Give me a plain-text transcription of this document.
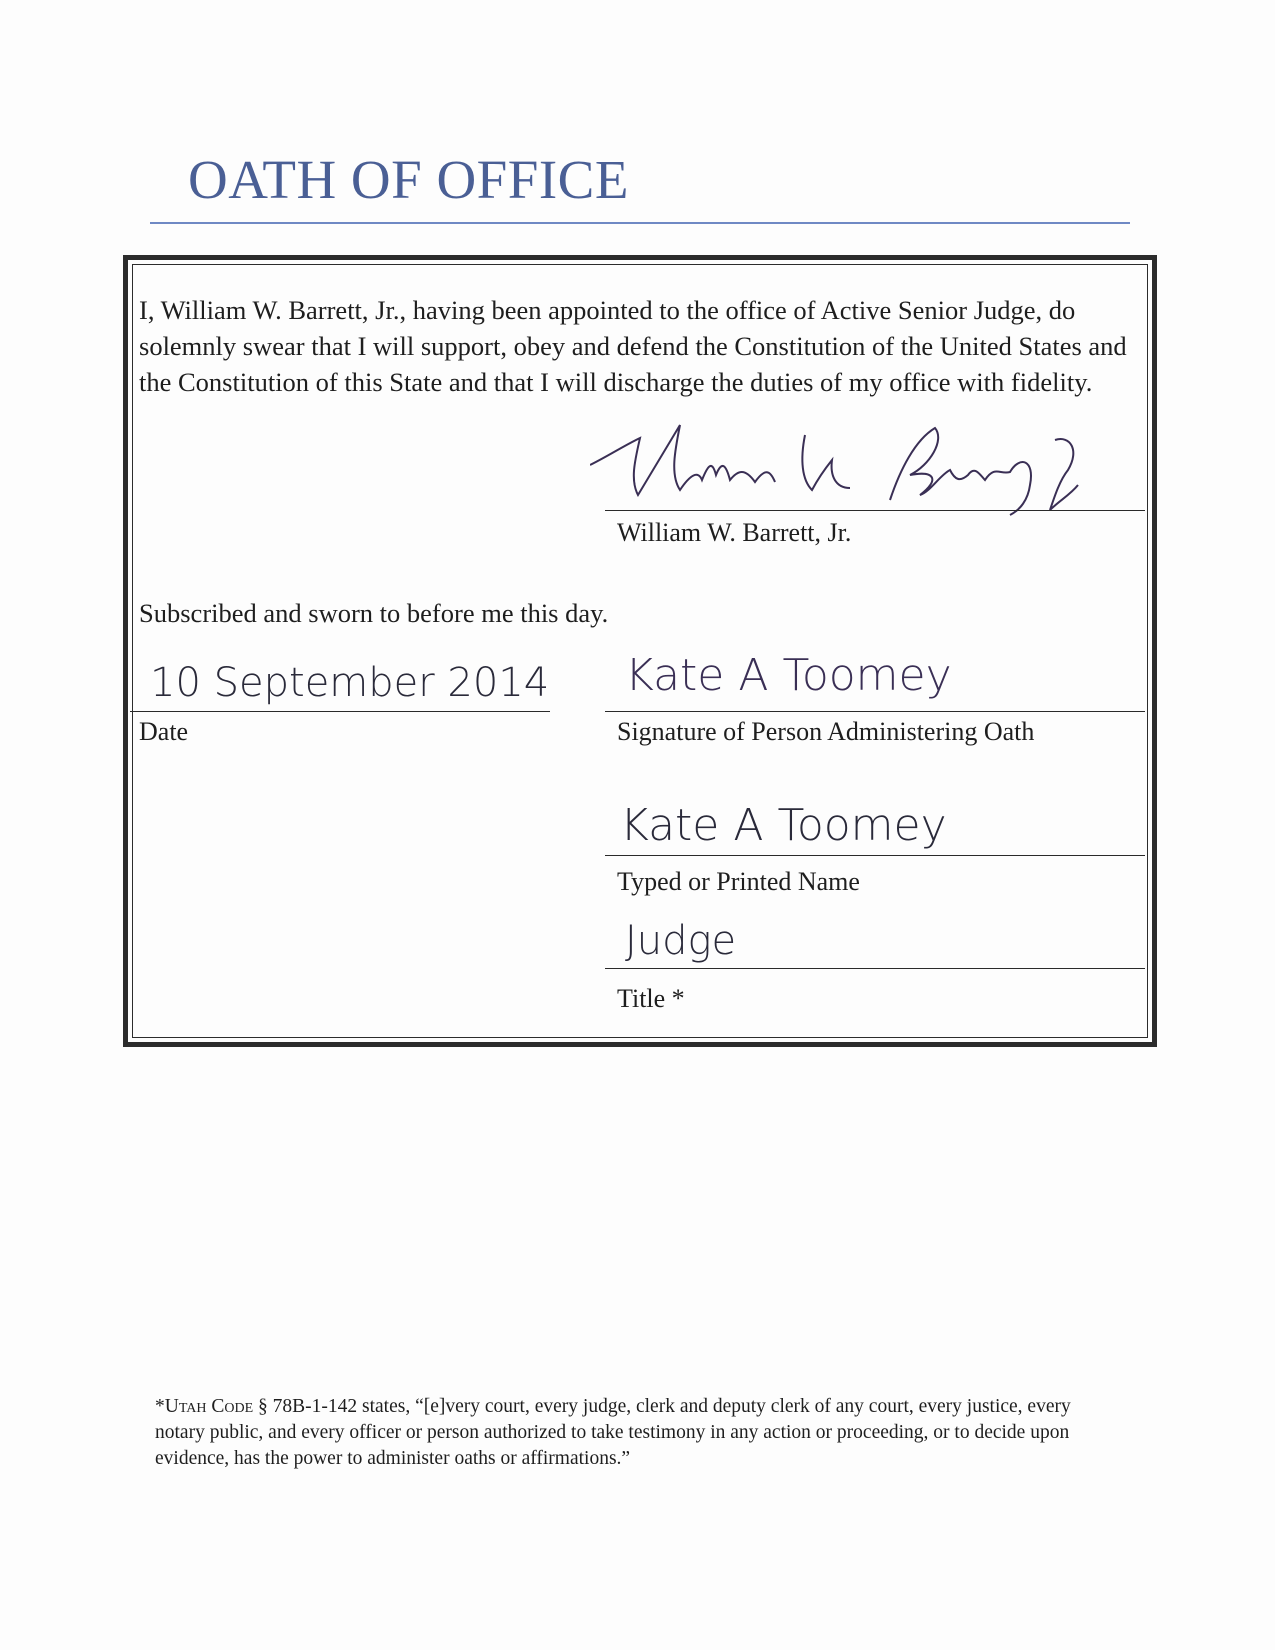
OATH OF OFFICE

I, William W. Barrett, Jr., having been appointed to the office of Active Senior Judge, do solemnly swear that I will support, obey and defend the Constitution of the United States and the Constitution of this State and that I will discharge the duties of my office with fidelity.

William W. Barrett, Jr.
Subscribed and sworn to before me this day.
10 September 2014
Date
Kate A Toomey
Signature of Person Administering Oath
Kate A Toomey
Typed or Printed Name
Judge
Title *

*Utah Code § 78B-1-142 states, “[e]very court, every judge, clerk and deputy clerk of any court, every justice, every notary public, and every officer or person authorized to take testimony in any action or proceeding, or to decide upon evidence, has the power to administer oaths or affirmations.”
